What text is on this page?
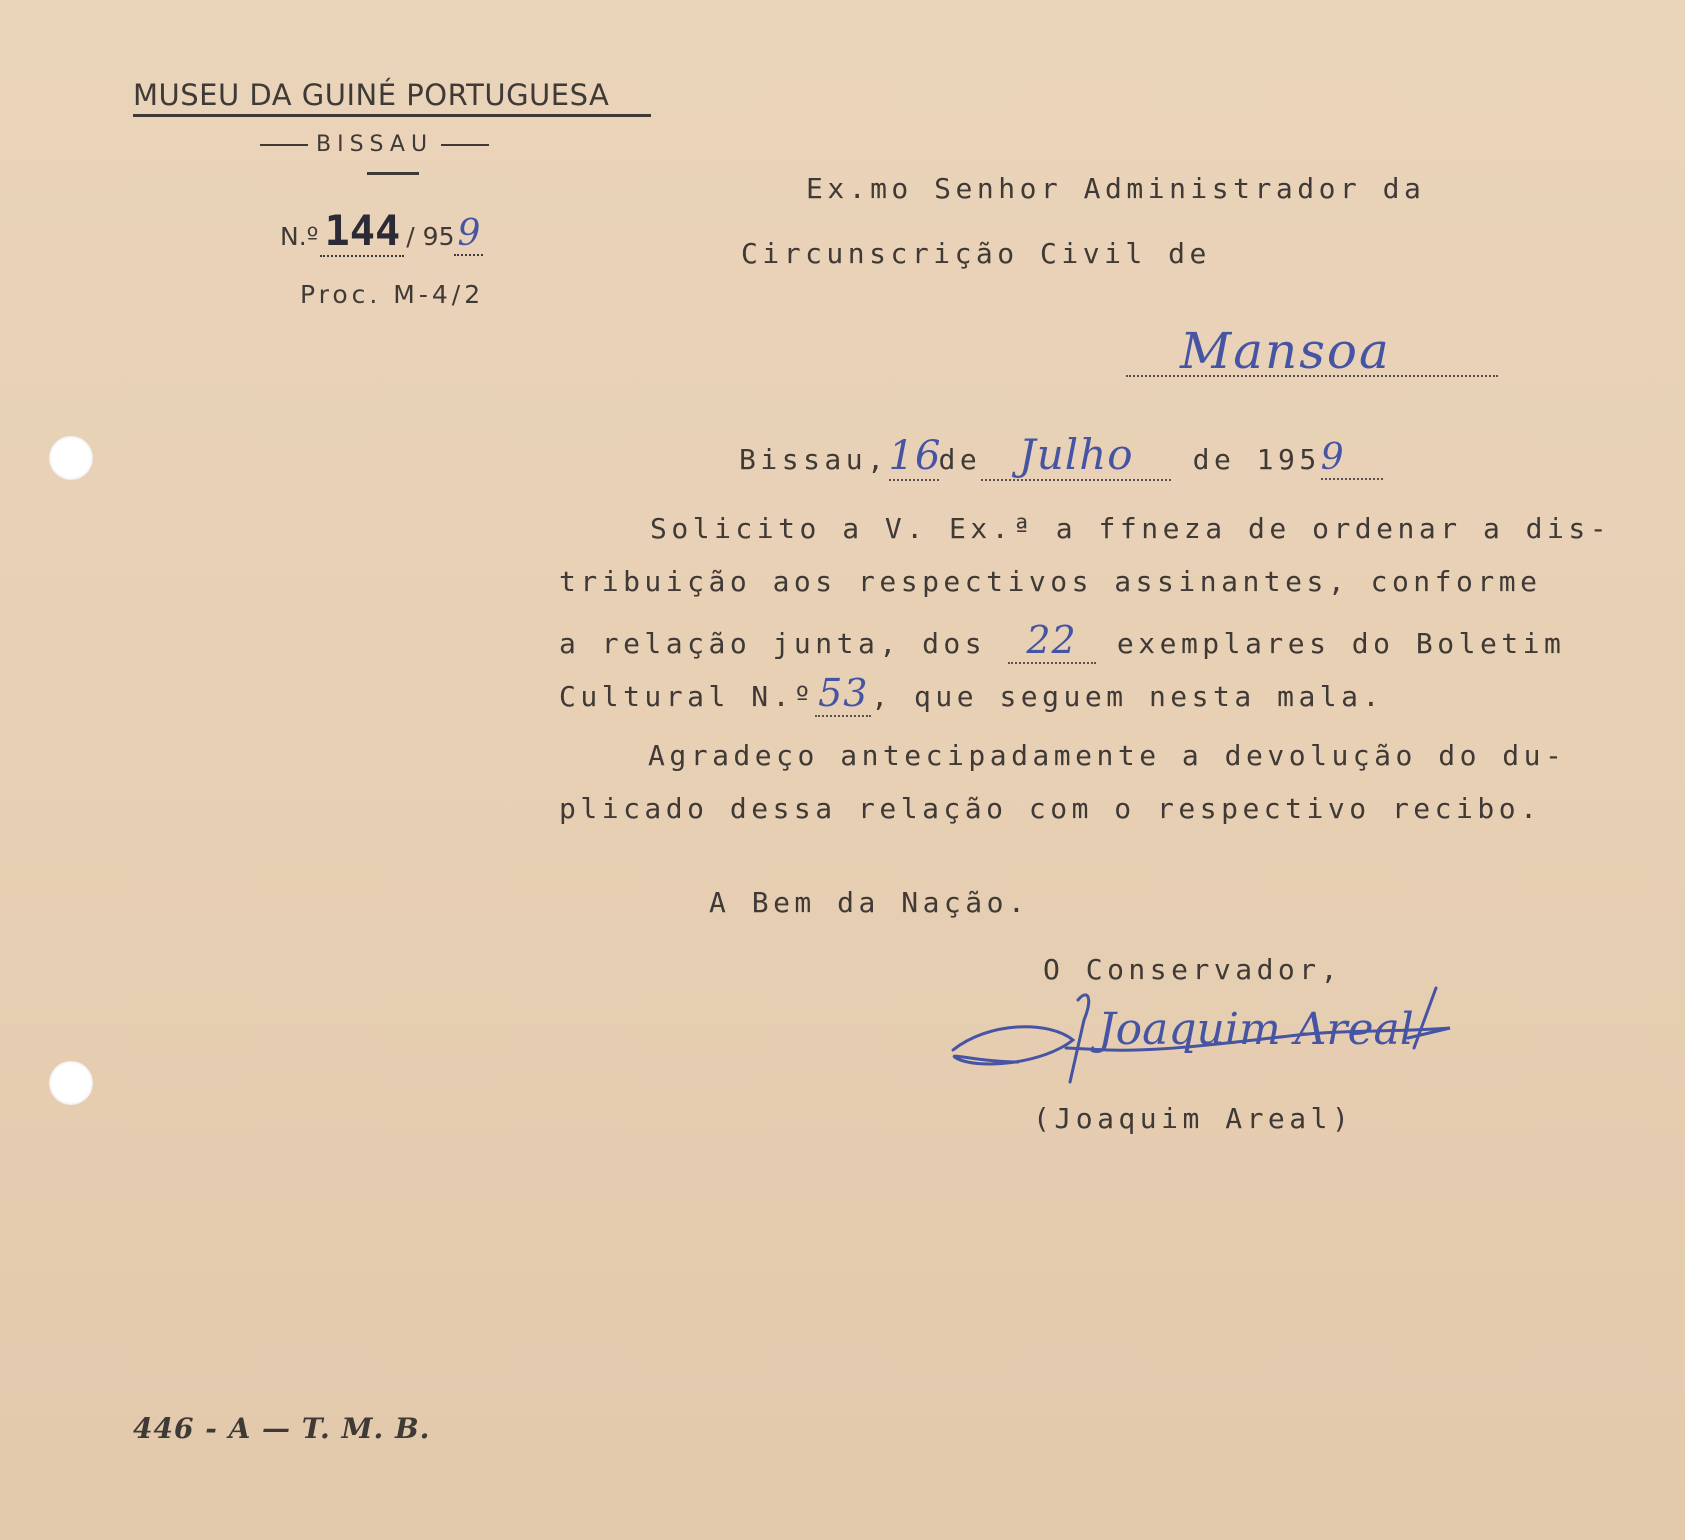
MUSEU DA GUINÉ PORTUGUESA
BISSAU
N.º 144 / 95 9
Proc. M-4/2
Ex.mo Senhor Administrador da
Circunscrição Civil de
Mansoa
Bissau,16de Julho de 1959
Solicito a V. Ex.ª a ffneza de ordenar a dis-
tribuição aos respectivos assinantes, conforme
a relação junta, dos 22 exemplares do Boletim
Cultural N.º53 , que seguem nesta mala.
Agradeço antecipadamente a devolução do du-
plicado dessa relação com o respectivo recibo.
A Bem da Nação.
O Conservador,
Joaquim Areal
(Joaquim Areal)
446 - A — T. M. B.
